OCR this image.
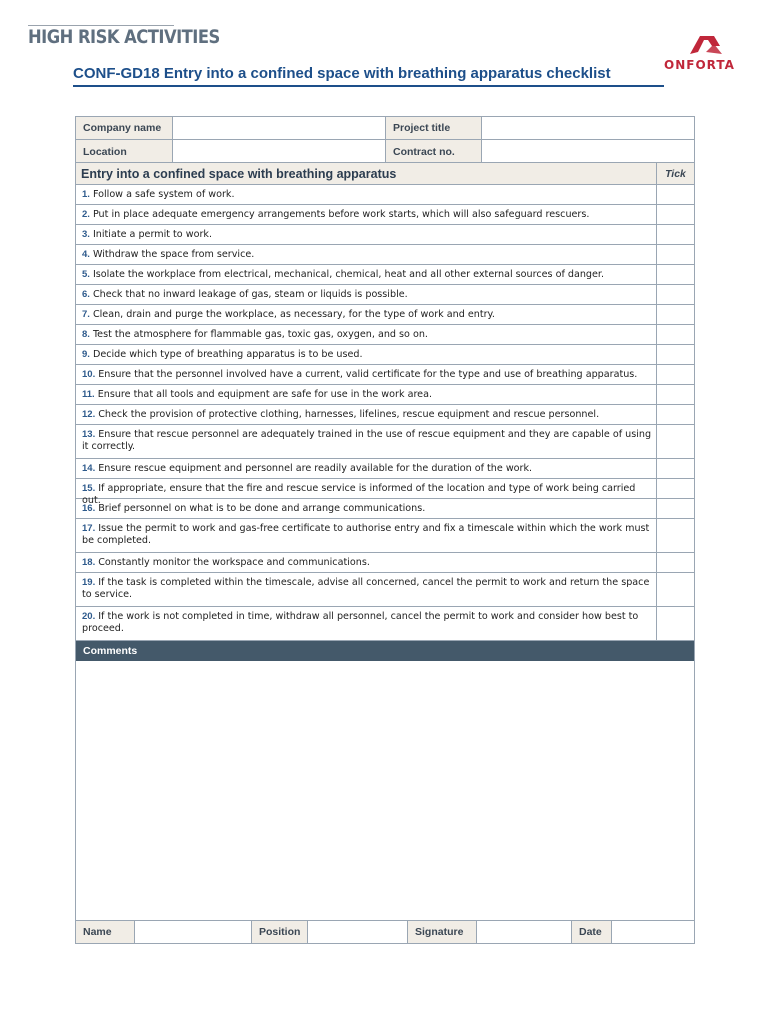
HIGH RISK ACTIVITIES
ONFORTA
CONF-GD18 Entry into a confined space with breathing apparatus checklist
Company name	Project title
Location	Contract no.
Entry into a confined space with breathing apparatus	Tick
1. Follow a safe system of work.
2. Put in place adequate emergency arrangements before work starts, which will also safeguard rescuers.
3. Initiate a permit to work.
4. Withdraw the space from service.
5. Isolate the workplace from electrical, mechanical, chemical, heat and all other external sources of danger.
6. Check that no inward leakage of gas, steam or liquids is possible.
7. Clean, drain and purge the workplace, as necessary, for the type of work and entry.
8. Test the atmosphere for flammable gas, toxic gas, oxygen, and so on.
9. Decide which type of breathing apparatus is to be used.
10. Ensure that the personnel involved have a current, valid certificate for the type and use of breathing apparatus.
11. Ensure that all tools and equipment are safe for use in the work area.
12. Check the provision of protective clothing, harnesses, lifelines, rescue equipment and rescue personnel.
13. Ensure that rescue personnel are adequately trained in the use of rescue equipment and they are capable of using it correctly.
14. Ensure rescue equipment and personnel are readily available for the duration of the work.
15. If appropriate, ensure that the fire and rescue service is informed of the location and type of work being carried out.
16. Brief personnel on what is to be done and arrange communications.
17. Issue the permit to work and gas-free certificate to authorise entry and fix a timescale within which the work must be completed.
18. Constantly monitor the workspace and communications.
19. If the task is completed within the timescale, advise all concerned, cancel the permit to work and return the space to service.
20. If the work is not completed in time, withdraw all personnel, cancel the permit to work and consider how best to proceed.
Comments
Name	Position	Signature	Date
